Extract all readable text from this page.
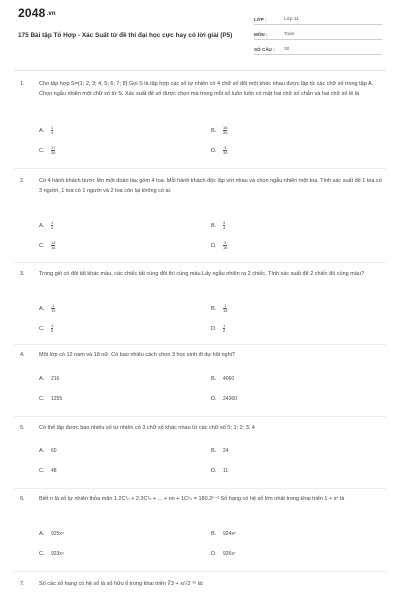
2048.vn
175 Bài tập Tổ Hợp - Xác Suất từ đề thi đại học cực hay có lời giải (P5)
LỚP :	Lớp 11
MÔN :	Toán
SỐ CÂU :	30
1.	Cho tập hợp S={1; 2; 3; 4; 5; 6; 7; 8} Gọi S là tập hợp các số tự nhiên có 4 chữ số đôi một khác nhau được lập từ các chữ số trong tập A. Chọn ngẫu nhiên một chữ số từ S. Xác suất để số được chọn mà trong mỗi số luôn luôn có mặt hai chữ số chẵn và hai chữ số lẻ là
A.	$\frac{1}{4}$	B.	$\frac{18}{35}$
C.	$\frac{17}{35}$	D.	$\frac{3}{35}$
2.	Có 4 hành khách bước lên một đoàn tàu gồm 4 toa. Mỗi hành khách độc lập với nhau và chọn ngẫu nhiên một toa. Tính xác suất để 1 toa có 3 người, 1 toa có 1 người và 2 toa còn lại không có ai.
A.	$\frac{1}{4}$	B.	$\frac{3}{4}$
C.	$\frac{13}{16}$	D.	$\frac{3}{16}$
3.	Trong giỏ có đôi tất khác màu, các chiếc tất cùng đôi thì cùng màu.Lấy ngẫu nhiên ra 2 chiếc. Tính xác suất để 2 chiếc đó cùng màu?
A.	$\frac{1}{19}$	B.	$\frac{1}{18}$
C.	$\frac{1}{5}$	D.	$\frac{1}{2}$
4.	Một lớp có 12 nam và 18 nữ. Có bao nhiêu cách chọn 3 học sinh đi dự hội nghị?
A.	216	B.	4060
C.	1255	D.	24360
5.	Có thể lập được bao nhiêu số tự nhiên có 3 chữ số khác nhau từ các chữ số 0; 1; 2; 3; 4
A.	60	B.	24
C.	48	D.	11
6.	Biết n là số tự nhiên thỏa mãn 1.2C¹ₙ + 2.3C²ₙ + ... + nn + 1Cⁿₙ = 180.2ⁿ⁻² Số hạng có hệ số lớn nhất trong khai triển 1 + xⁿ là
A.	925x⁵	B.	924x⁶
C.	923x⁴	D.	926x⁷
7.	Số các số hạng có hệ số là số hữu tỉ trong khai triển ∛3 + x/√2 ¹⁵ là:
